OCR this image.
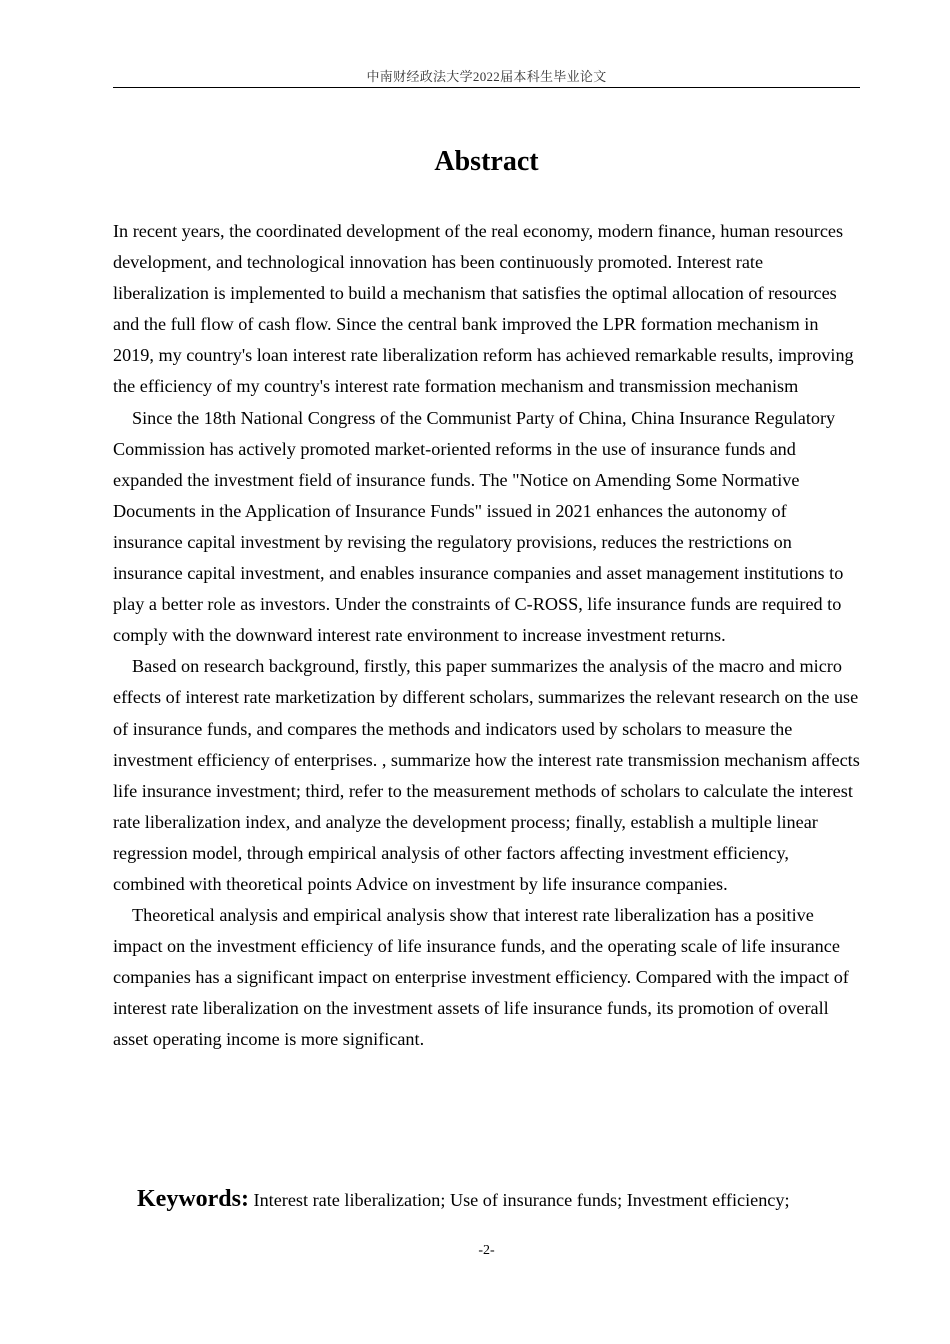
中南财经政法大学2022届本科生毕业论文
Abstract

In recent years, the coordinated development of the real economy, modern finance, human resources development, and technological innovation has been continuously promoted. Interest rate liberalization is implemented to build a mechanism that satisfies the optimal allocation of resources and the full flow of cash flow. Since the central bank improved the LPR formation mechanism in 2019, my country's loan interest rate liberalization reform has achieved remarkable results, improving the efficiency of my country's interest rate formation mechanism and transmission mechanism

Since the 18th National Congress of the Communist Party of China, China Insurance Regulatory Commission has actively promoted market-oriented reforms in the use of insurance funds and expanded the investment field of insurance funds. The "Notice on Amending Some Normative Documents in the Application of Insurance Funds" issued in 2021 enhances the autonomy of insurance capital investment by revising the regulatory provisions, reduces the restrictions on insurance capital investment, and enables insurance companies and asset management institutions to play a better role as investors. Under the constraints of C-ROSS, life insurance funds are required to comply with the downward interest rate environment to increase investment returns.

Based on research background, firstly, this paper summarizes the analysis of the macro and micro effects of interest rate marketization by different scholars, summarizes the relevant research on the use of insurance funds, and compares the methods and indicators used by scholars to measure the investment efficiency of enterprises. , summarize how the interest rate transmission mechanism affects life insurance investment; third, refer to the measurement methods of scholars to calculate the interest rate liberalization index, and analyze the development process; finally, establish a multiple linear regression model, through empirical analysis of other factors affecting investment efficiency, combined with theoretical points Advice on investment by life insurance companies.

Theoretical analysis and empirical analysis show that interest rate liberalization has a positive impact on the investment efficiency of life insurance funds, and the operating scale of life insurance companies has a significant impact on enterprise investment efficiency. Compared with the impact of interest rate liberalization on the investment assets of life insurance funds, its promotion of overall asset operating income is more significant.

Keywords: Interest rate liberalization; Use of insurance funds; Investment efficiency;
-2-
